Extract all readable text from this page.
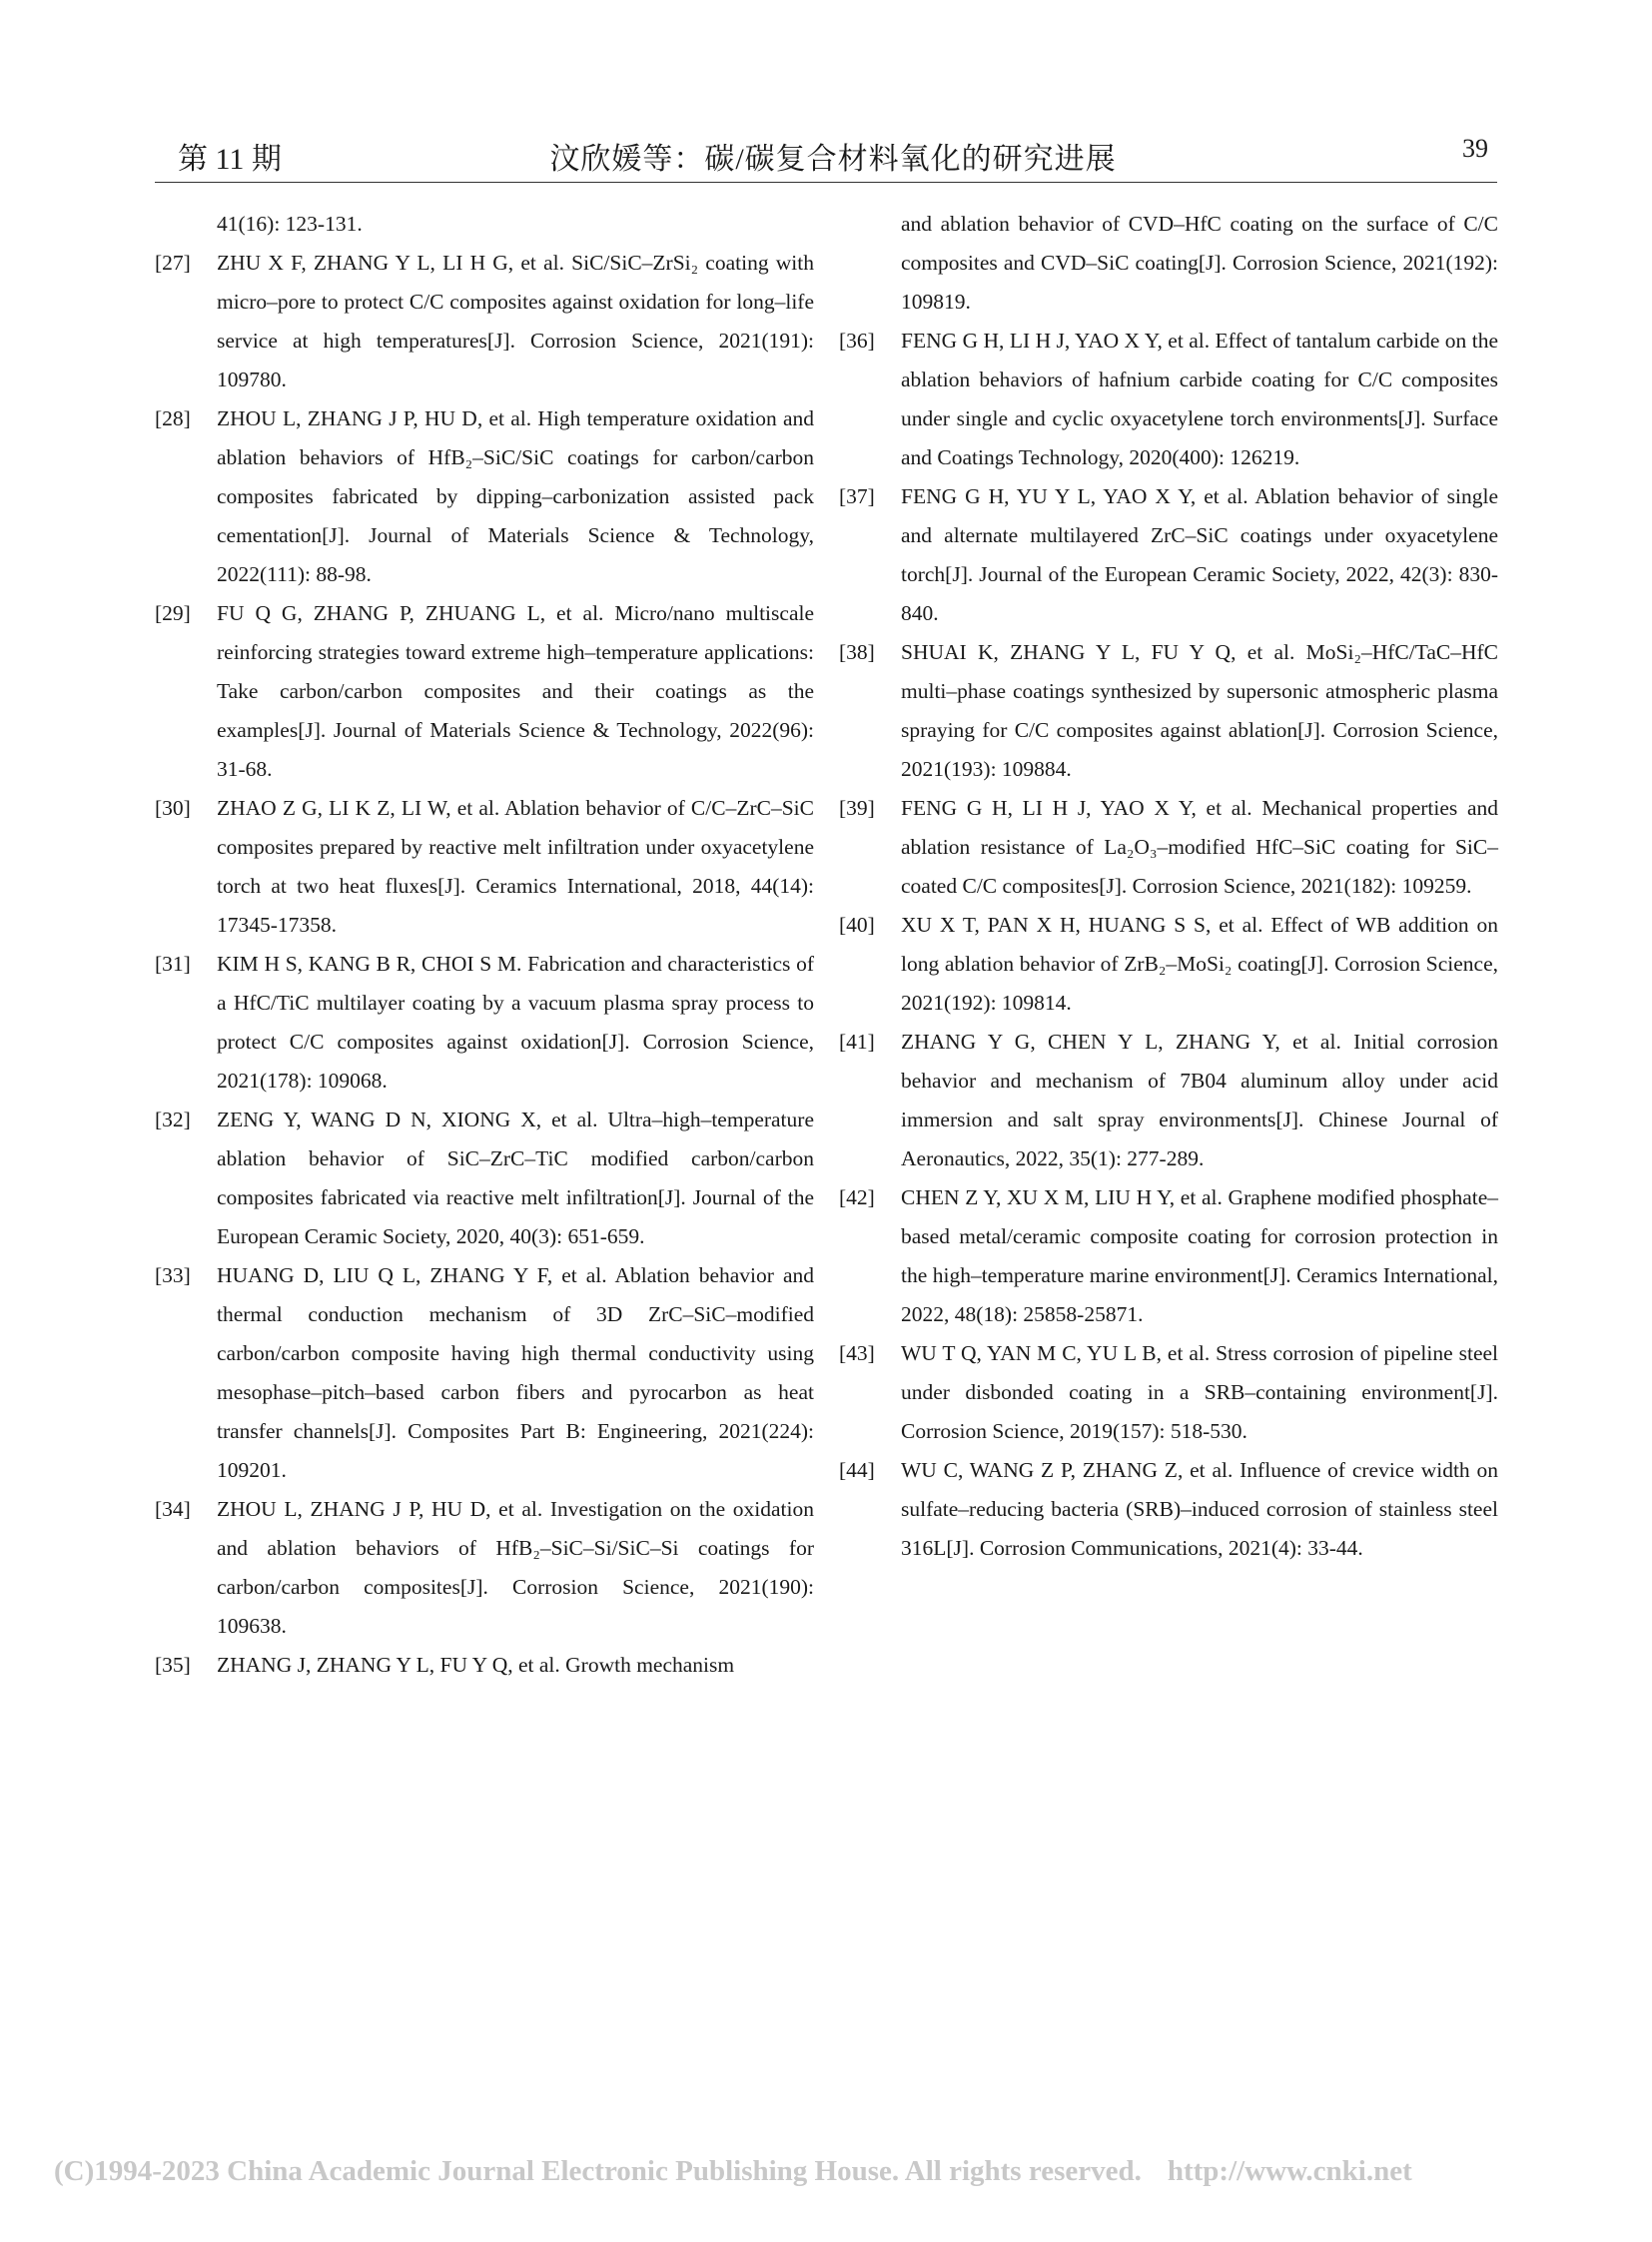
第 11 期	汶欣媛等：碳/碳复合材料氧化的研究进展	39
41(16): 123-131.
[27] ZHU X F, ZHANG Y L, LI H G, et al. SiC/SiC–ZrSi₂ coating with micro–pore to protect C/C composites against oxidation for long–life service at high temperatures[J]. Corrosion Science, 2021(191): 109780.
[28] ZHOU L, ZHANG J P, HU D, et al. High temperature oxidation and ablation behaviors of HfB₂–SiC/SiC coatings for carbon/carbon composites fabricated by dipping–carbonization assisted pack cementation[J]. Journal of Materials Science & Technology, 2022(111): 88-98.
[29] FU Q G, ZHANG P, ZHUANG L, et al. Micro/nano multiscale reinforcing strategies toward extreme high–temperature applications: Take carbon/carbon composites and their coatings as the examples[J]. Journal of Materials Science & Technology, 2022(96): 31-68.
[30] ZHAO Z G, LI K Z, LI W, et al. Ablation behavior of C/C–ZrC–SiC composites prepared by reactive melt infiltration under oxyacetylene torch at two heat fluxes[J]. Ceramics International, 2018, 44(14): 17345-17358.
[31] KIM H S, KANG B R, CHOI S M. Fabrication and characteristics of a HfC/TiC multilayer coating by a vacuum plasma spray process to protect C/C composites against oxidation[J]. Corrosion Science, 2021(178): 109068.
[32] ZENG Y, WANG D N, XIONG X, et al. Ultra–high–temperature ablation behavior of SiC–ZrC–TiC modified carbon/carbon composites fabricated via reactive melt infiltration[J]. Journal of the European Ceramic Society, 2020, 40(3): 651-659.
[33] HUANG D, LIU Q L, ZHANG Y F, et al. Ablation behavior and thermal conduction mechanism of 3D ZrC–SiC–modified carbon/carbon composite having high thermal conductivity using mesophase–pitch–based carbon fibers and pyrocarbon as heat transfer channels[J]. Composites Part B: Engineering, 2021(224): 109201.
[34] ZHOU L, ZHANG J P, HU D, et al. Investigation on the oxidation and ablation behaviors of HfB₂–SiC–Si/SiC–Si coatings for carbon/carbon composites[J]. Corrosion Science, 2021(190): 109638.
[35] ZHANG J, ZHANG Y L, FU Y Q, et al. Growth mechanism
and ablation behavior of CVD–HfC coating on the surface of C/C composites and CVD–SiC coating[J]. Corrosion Science, 2021(192): 109819.
[36] FENG G H, LI H J, YAO X Y, et al. Effect of tantalum carbide on the ablation behaviors of hafnium carbide coating for C/C composites under single and cyclic oxyacetylene torch environments[J]. Surface and Coatings Technology, 2020(400): 126219.
[37] FENG G H, YU Y L, YAO X Y, et al. Ablation behavior of single and alternate multilayered ZrC–SiC coatings under oxyacetylene torch[J]. Journal of the European Ceramic Society, 2022, 42(3): 830-840.
[38] SHUAI K, ZHANG Y L, FU Y Q, et al. MoSi₂–HfC/TaC–HfC multi–phase coatings synthesized by supersonic atmospheric plasma spraying for C/C composites against ablation[J]. Corrosion Science, 2021(193): 109884.
[39] FENG G H, LI H J, YAO X Y, et al. Mechanical properties and ablation resistance of La₂O₃–modified HfC–SiC coating for SiC–coated C/C composites[J]. Corrosion Science, 2021(182): 109259.
[40] XU X T, PAN X H, HUANG S S, et al. Effect of WB addition on long ablation behavior of ZrB₂–MoSi₂ coating[J]. Corrosion Science, 2021(192): 109814.
[41] ZHANG Y G, CHEN Y L, ZHANG Y, et al. Initial corrosion behavior and mechanism of 7B04 aluminum alloy under acid immersion and salt spray environments[J]. Chinese Journal of Aeronautics, 2022, 35(1): 277-289.
[42] CHEN Z Y, XU X M, LIU H Y, et al. Graphene modified phosphate–based metal/ceramic composite coating for corrosion protection in the high–temperature marine environment[J]. Ceramics International, 2022, 48(18): 25858-25871.
[43] WU T Q, YAN M C, YU L B, et al. Stress corrosion of pipeline steel under disbonded coating in a SRB–containing environment[J]. Corrosion Science, 2019(157): 518-530.
[44] WU C, WANG Z P, ZHANG Z, et al. Influence of crevice width on sulfate–reducing bacteria (SRB)–induced corrosion of stainless steel 316L[J]. Corrosion Communications, 2021(4): 33-44.
(C)1994-2023 China Academic Journal Electronic Publishing House. All rights reserved. http://www.cnki.net
